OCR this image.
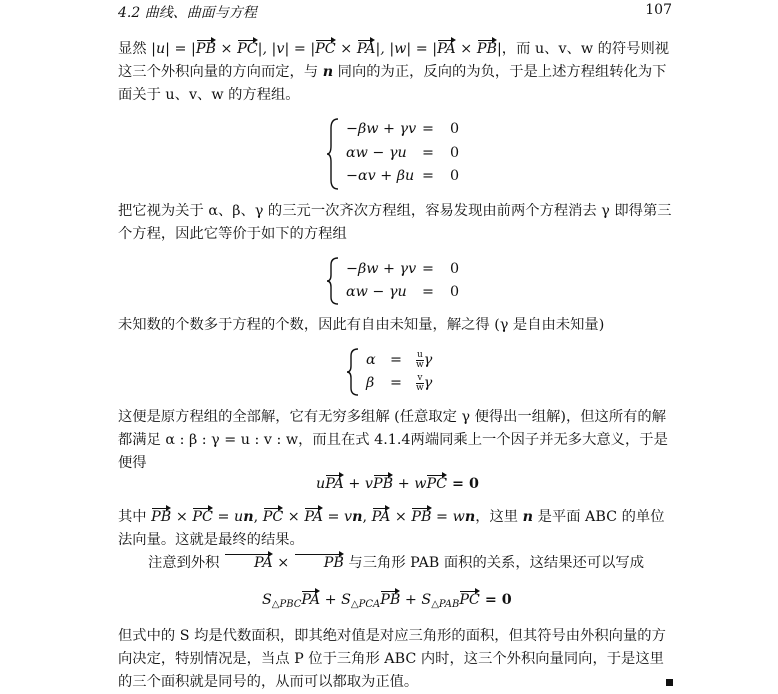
4.2 曲线、曲面与方程	107
显然 |u| = |PB × PC|, |v| = |PC × PA|, |w| = |PA × PB|，而 u、v、w 的符号则视这三个外积向量的方向而定，与 n 同向的为正，反向的为负，于是上述方程组转化为下面关于 u、v、w 的方程组。
−βw + γv = 0
αw − γu = 0
−αv + βu = 0
把它视为关于 α、β、γ 的三元一次齐次方程组，容易发现由前两个方程消去 γ 即得第三个方程，因此它等价于如下的方程组
−βw + γv = 0
αw − γu = 0
未知数的个数多于方程的个数，因此有自由未知量，解之得 (γ 是自由未知量)
$\alpha = \frac{u}{w}$ γ
$\beta = \frac{v}{w}$ γ
这便是原方程组的全部解，它有无穷多组解 (任意取定 γ 便得出一组解)，但这所有的解都满足 α : β : γ = u : v : w，而且在式 4.1.4两端同乘上一个因子并无多大意义，于是便得
uPA + vPB + wPC = 𝟎
其中 PB × PC = un, PC × PA = vn, PA × PB = wn，这里 n 是平面 ABC 的单位法向量。这就是最终的结果。
注意到外积 PA × PB 与三角形 PAB 面积的关系，这结果还可以写成
$S_{\triangle PBC}PA + S_{\triangle PCA}PB + S_{\triangle PAB}PC$ = 𝟎
但式中的 S 均是代数面积，即其绝对值是对应三角形的面积，但其符号由外积向量的方向决定，特别情况是，当点 P 位于三角形 ABC 内时，这三个外积向量同向，于是这里的三个面积就是同号的，从而可以都取为正值。
